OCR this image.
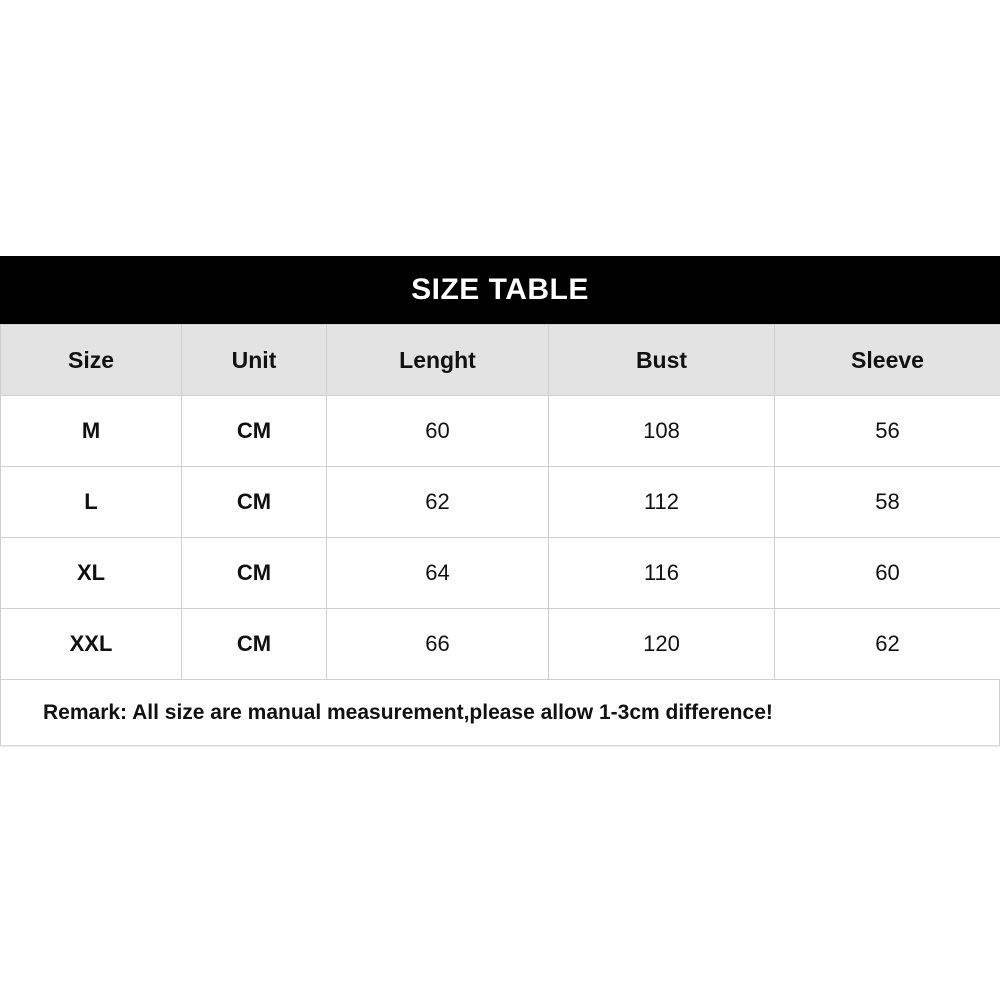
SIZE TABLE
Size	Unit	Lenght	Bust	Sleeve
M	CM	60	108	56
L	CM	62	112	58
XL	CM	64	116	60
XXL	CM	66	120	62
Remark: All size are manual measurement,please allow 1-3cm difference!
